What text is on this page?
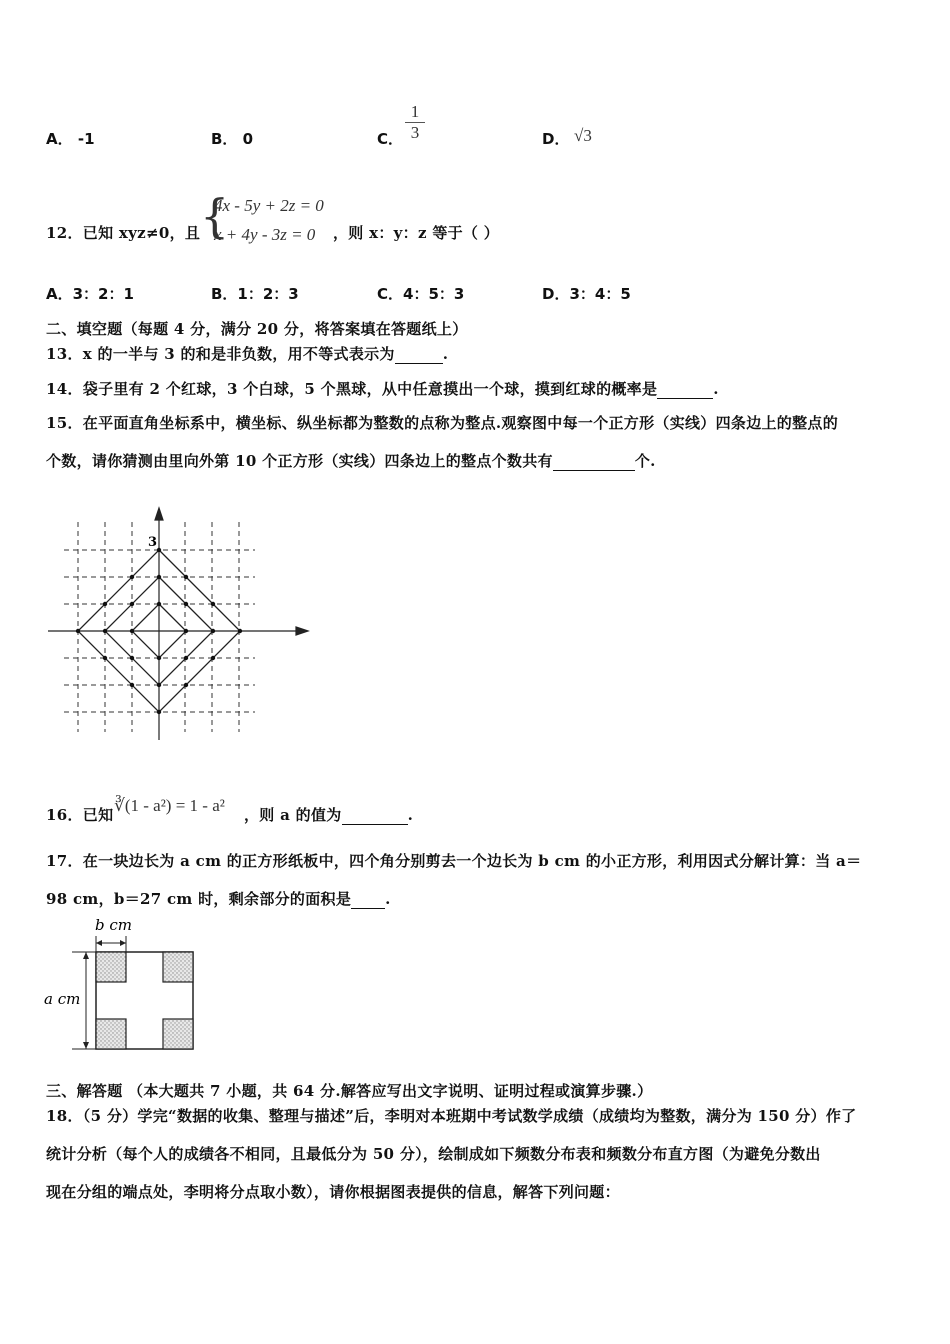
A． -1	B． 0	C． $\frac{1}{3}$	D． √3
12．已知 xyz≠0，且 {
4x - 5y + 2z = 0
x + 4y - 3z = 0 ，则 x：y：z 等于（ ）
A．3：2：1	B．1：2：3	C．4：5：3	D．3：4：5
二、填空题（每题 4 分，满分 20 分，将答案填在答题纸上）
13．x 的一半与 3 的和是非负数，用不等式表示为	.
14．袋子里有 2 个红球，3 个白球，5 个黑球，从中任意摸出一个球，摸到红球的概率是	.
15．在平面直角坐标系中，横坐标、纵坐标都为整数的点称为整点.观察图中每一个正方形（实线）四条边上的整点的
个数，请你猜测由里向外第 10 个正方形（实线）四条边上的整点个数共有	个.
3
16．已知 ∛(1 - a²) = 1 - a² ，则 a 的值为	.
17．在一块边长为 a cm 的正方形纸板中，四个角分别剪去一个边长为 b cm 的小正方形，利用因式分解计算：当 a＝
98 cm，b＝27 cm 时，剩余部分的面积是 .
b cm
a cm
三、解答题 （本大题共 7 小题，共 64 分.解答应写出文字说明、证明过程或演算步骤.）
18．（5 分）学完“数据的收集、整理与描述”后，李明对本班期中考试数学成绩（成绩均为整数，满分为 150 分）作了
统计分析（每个人的成绩各不相同，且最低分为 50 分），绘制成如下频数分布表和频数分布直方图（为避免分数出
现在分组的端点处，李明将分点取小数），请你根据图表提供的信息，解答下列问题：
